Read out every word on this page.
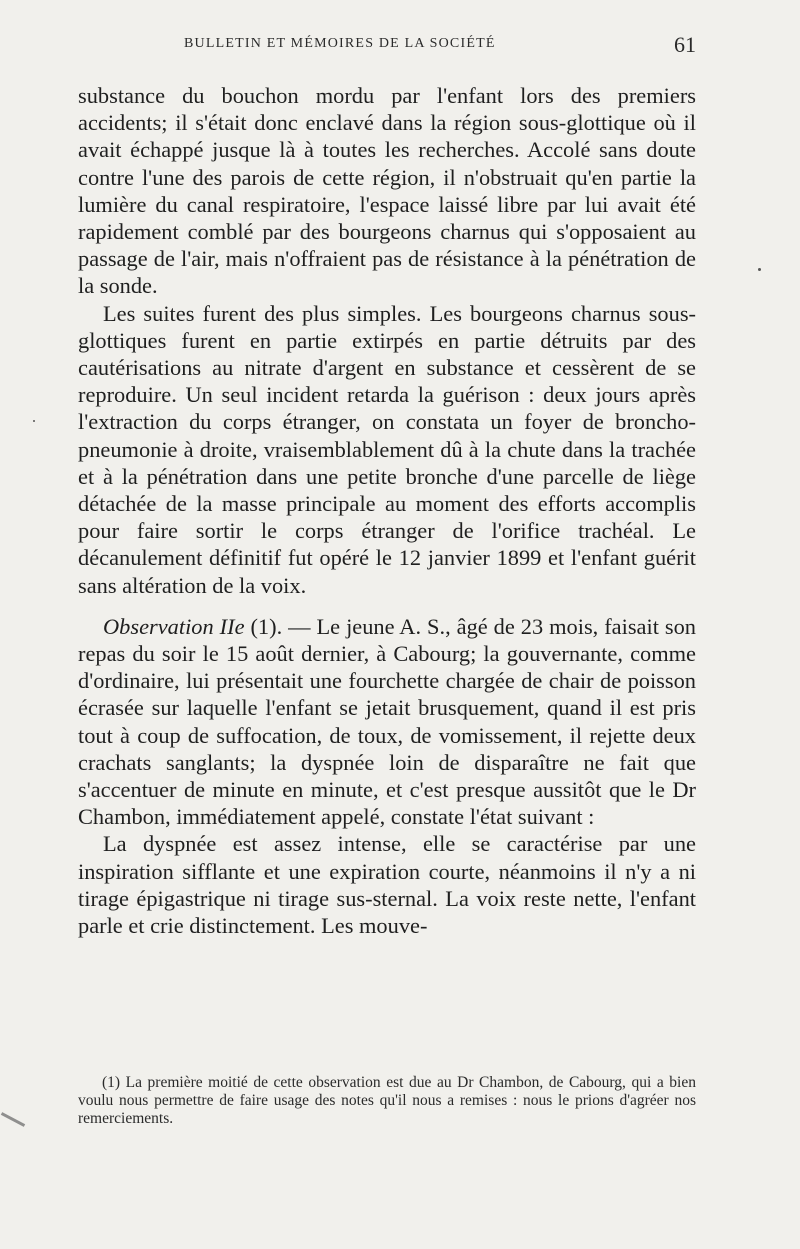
BULLETIN ET MÉMOIRES DE LA SOCIÉTÉ	61

substance du bouchon mordu par l'enfant lors des premiers accidents; il s'était donc enclavé dans la région sous-glottique où il avait échappé jusque là à toutes les recherches. Accolé sans doute contre l'une des parois de cette région, il n'obstruait qu'en partie la lumière du canal respiratoire, l'espace laissé libre par lui avait été rapidement comblé par des bourgeons charnus qui s'opposaient au passage de l'air, mais n'offraient pas de résistance à la pénétration de la sonde.

Les suites furent des plus simples. Les bourgeons charnus sous-glottiques furent en partie extirpés en partie détruits par des cautérisations au nitrate d'argent en substance et cessèrent de se reproduire. Un seul incident retarda la guérison : deux jours après l'extraction du corps étranger, on constata un foyer de broncho-pneumonie à droite, vraisemblablement dû à la chute dans la trachée et à la pénétration dans une petite bronche d'une parcelle de liège détachée de la masse principale au moment des efforts accomplis pour faire sortir le corps étranger de l'orifice trachéal. Le décanulement définitif fut opéré le 12 janvier 1899 et l'enfant guérit sans altération de la voix.

Observation IIe (1). — Le jeune A. S., âgé de 23 mois, faisait son repas du soir le 15 août dernier, à Cabourg; la gouvernante, comme d'ordinaire, lui présentait une fourchette chargée de chair de poisson écrasée sur laquelle l'enfant se jetait brusquement, quand il est pris tout à coup de suffocation, de toux, de vomissement, il rejette deux crachats sanglants; la dyspnée loin de disparaître ne fait que s'accentuer de minute en minute, et c'est presque aussitôt que le Dr Chambon, immédiatement appelé, constate l'état suivant :

La dyspnée est assez intense, elle se caractérise par une inspiration sifflante et une expiration courte, néanmoins il n'y a ni tirage épigastrique ni tirage sus-sternal. La voix reste nette, l'enfant parle et crie distinctement. Les mouve-

(1) La première moitié de cette observation est due au Dr Chambon, de Cabourg, qui a bien voulu nous permettre de faire usage des notes qu'il nous a remises : nous le prions d'agréer nos remerciements.
